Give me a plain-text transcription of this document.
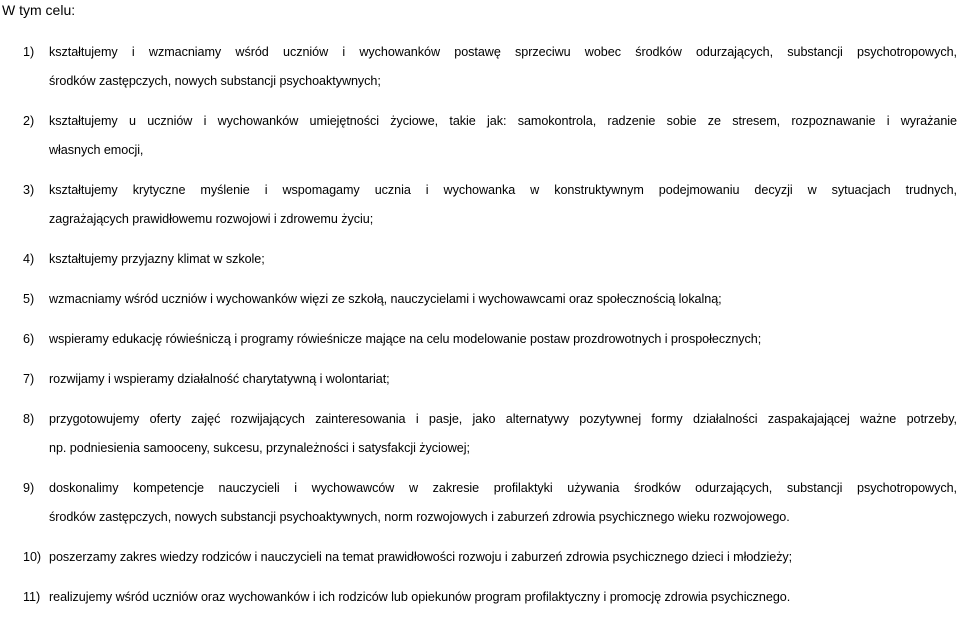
W tym celu:
1) kształtujemy i wzmacniamy wśród uczniów i wychowanków postawę sprzeciwu wobec środków odurzających, substancji psychotropowych,
środków zastępczych, nowych substancji psychoaktywnych;
2) kształtujemy u uczniów i wychowanków umiejętności życiowe, takie jak: samokontrola, radzenie sobie ze stresem, rozpoznawanie i wyrażanie
własnych emocji,
3) kształtujemy krytyczne myślenie i wspomagamy ucznia i wychowanka w konstruktywnym podejmowaniu decyzji w sytuacjach trudnych,
zagrażających prawidłowemu rozwojowi i zdrowemu życiu;
4) kształtujemy przyjazny klimat w szkole;
5) wzmacniamy wśród uczniów i wychowanków więzi ze szkołą, nauczycielami i wychowawcami oraz społecznością lokalną;
6) wspieramy edukację rówieśniczą i programy rówieśnicze mające na celu modelowanie postaw prozdrowotnych i prospołecznych;
7) rozwijamy i wspieramy działalność charytatywną i wolontariat;
8) przygotowujemy oferty zajęć rozwijających zainteresowania i pasje, jako alternatywy pozytywnej formy działalności zaspakajającej ważne potrzeby,
np. podniesienia samooceny, sukcesu, przynależności i satysfakcji życiowej;
9) doskonalimy kompetencje nauczycieli i wychowawców w zakresie profilaktyki używania środków odurzających, substancji psychotropowych,
środków zastępczych, nowych substancji psychoaktywnych, norm rozwojowych i zaburzeń zdrowia psychicznego wieku rozwojowego.
10) poszerzamy zakres wiedzy rodziców i nauczycieli na temat prawidłowości rozwoju i zaburzeń zdrowia psychicznego dzieci i młodzieży;
11) realizujemy wśród uczniów oraz wychowanków i ich rodziców lub opiekunów program profilaktyczny i promocję zdrowia psychicznego.
